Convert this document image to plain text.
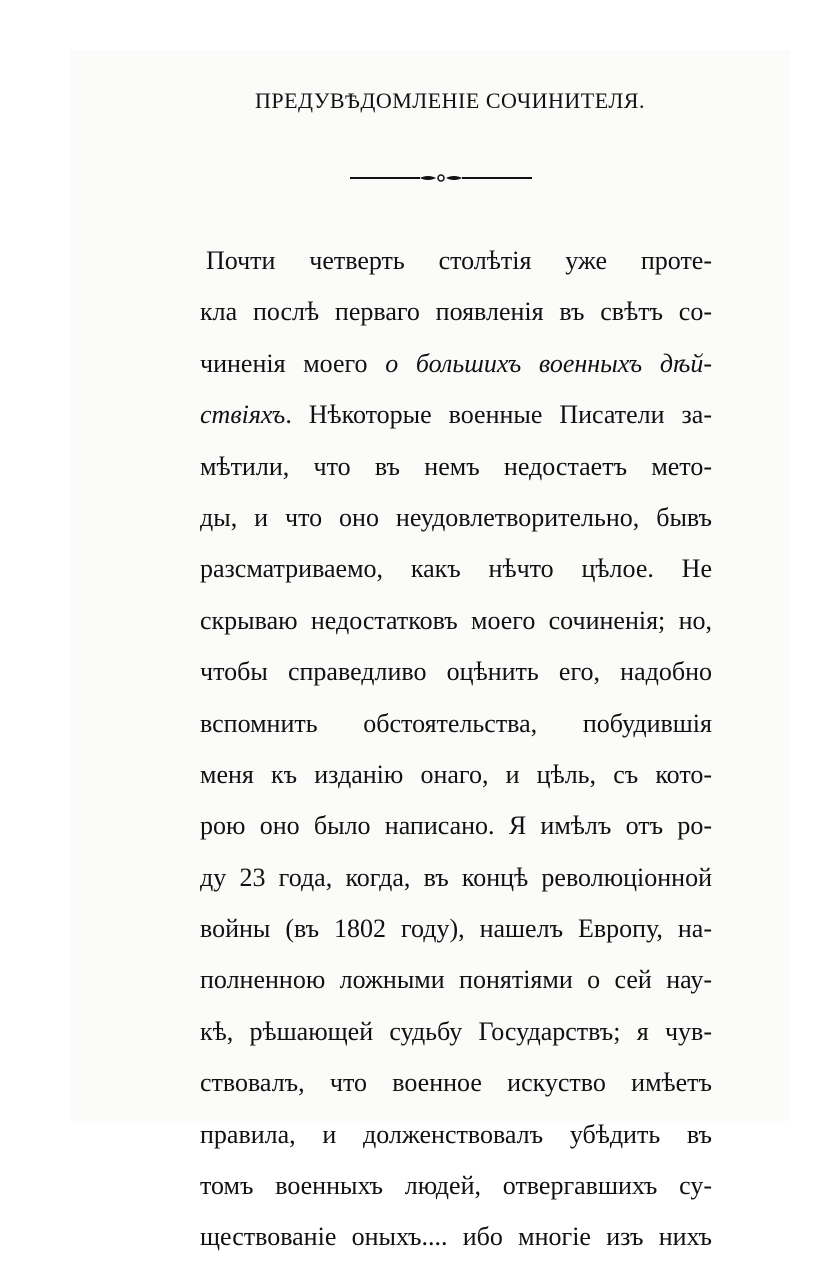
ПРЕДУВѢДОМЛЕНІЕ СОЧИНИТЕЛЯ.
Почти четверть столѣтія уже проте-
кла послѣ перваго появленія въ свѣтъ со-
чиненія моего о большихъ военныхъ дѣй-
ствіяхъ. Нѣкоторые военные Писатели за-
мѣтили, что въ немъ недостаетъ мето-
ды, и что оно неудовлетворительно, бывъ
разсматриваемо, какъ нѣчто цѣлое. Не
скрываю недостатковъ моего сочиненія; но,
чтобы справедливо оцѣнить его, надобно
вспомнить обстоятельства, побудившія
меня къ изданію онаго, и цѣль, съ кото-
рою оно было написано. Я имѣлъ отъ ро-
ду 23 года, когда, въ концѣ революціонной
войны (въ 1802 году), нашелъ Европу, на-
полненною ложными понятіями о сей нау-
кѣ, рѣшающей судьбу Государствъ; я чув-
ствовалъ, что военное искуство имѣетъ
правила, и долженствовалъ убѣдить въ
томъ военныхъ людей, отвергавшихъ су-
ществованіе оныхъ.... ибо многіе изъ нихъ
